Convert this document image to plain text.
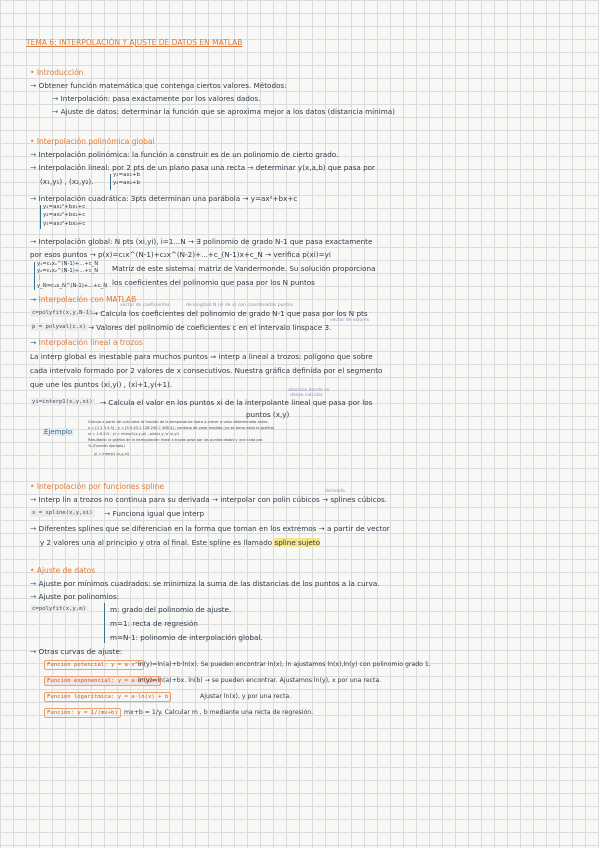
TEMA 6: INTERPOLACIÓN Y AJUSTE DE DATOS EN MATLAB
• Introducción
→ Obtener función matemática que contenga ciertos valores. Métodos:
→ Interpolación: pasa exactamente por los valores dados.
→ Ajuste de datos: determinar la función que se aproxima mejor a los datos (distancia mínima)
• Interpolación polinómica global
→ Interpolación polinómica: la función a construir es de un polinomio de cierto grado.
→ Interpolación lineal: por 2 pts de un plano pasa una recta → determinar y(x,a,b) que pasa por
(x₁,y₁) , (x₂,y₂).
y₁=ax₁+b
y₂=ax₂+b
→ Interpolación cuadrática: 3pts determinan una parábola → y=ax²+bx+c
y₁=ax₁²+bx₁+c
y₂=ax₂²+bx₂+c
y₃=ax₃²+bx₃+c
→ Interpolación global: N pts (xi,yi), i=1...N → ∃ polinomio de grado N-1 que pasa exactamente
por esos puntos → p(x)=c₁x^(N-1)+c₂x^(N-2)+...+c_(N-1)x+c_N → verifica p(xi)=yi
y₁=c₁x₁^(N-1)+...+c_N
y₂=c₁x₂^(N-1)+...+c_N
⋮
y_N=c₁x_N^(N-1)+...+c_N
Matriz de este sistema: matriz de Vandermonde. Su solución proporciona
los coeficientes del polinomio que pasa por los N puntos
→ Interpolación con MATLAB
c=polyfit(x,y,N-1)
vector de coeficientes	de longitud N (el de x) con coordenadas puntos
→ Calcula los coeficientes del polinomio de grado N-1 que pasa por los N pts
vector de valores
p = polyval(c,x) → Valores del polinomio de coeficientes c en el intervalo linspace 3.
→ Interpolación lineal a trozos
La interp global es inestable para muchos puntos ⇒ interp a lineal a trozos: polígono que sobre
cada intervalo formado por 2 valores de x consecutivos. Nuestra gráfica definida por el segmento
que une los puntos (xi,yi) , (xi+1,yi+1).
abscisas donde se
desea calcular
yi=interp1(x,y,xi) → Calcula el valor en los puntos xi de la interpolante lineal que pasa por los
puntos (x,y)
Ejemplo
Calcula a partir de cuál valor la función de la temperatura fuera a crecer a valor determinado antes.
x = [1 2 3 4 5] ; y = [5.5 43.1 128 290.7 498.4] ; ventana de valor medido (no se toma valor la grafica)
xi = 1:0.5:5 ; yi = interp1(x,y,xi) ; plot(x,y,'o',xi,yi)
Resultado: la gráfica de la interpolación lineal a trozos pasa por los puntos dados y une cada par.
% (Función ejemplo)
yi = interp1 (x,y,xi)
• Interpolación por funciones spline
derivada
→ Interp lin a trozos no continua para su derivada → interpolar con polin cúbicos → splines cúbicos.
s = spline(x,y,xi) → Funciona igual que interp
→ Diferentes splines que se diferencian en la forma que toman en los extremos → a partir de vector
y 2 valores una al principio y otra al final. Este spline es llamado spline sujeto
• Ajuste de datos
→ Ajuste por mínimos cuadrados: se minimiza la suma de las distancias de los puntos a la curva.
→ Ajuste por polinomios:
c=polyfit(x,y,m)	m: grado del polinomio de ajuste.
m=1: recta de regresión
m=N-1: polinomio de interpolación global.
→ Otras curvas de ajuste:
Función potencial: y = a·x^b
ln(y)=ln(a)+b·ln(x). Se pueden encontrar ln(x), ln ajustamos ln(x),ln(y) con polinomio grado 1.
Función exponencial: y = a·e^(bx)
ln(y)=ln(a)+bx. ln(b) → se pueden encontrar. Ajustamos ln(y), x por una recta.
Función logarítmica: y = a·ln(x) + b	Ajustar ln(x), y por una recta.
Función: y = 1/(mx+b)	mx+b = 1/y. Calcular m , b mediante una recta de regresión.
